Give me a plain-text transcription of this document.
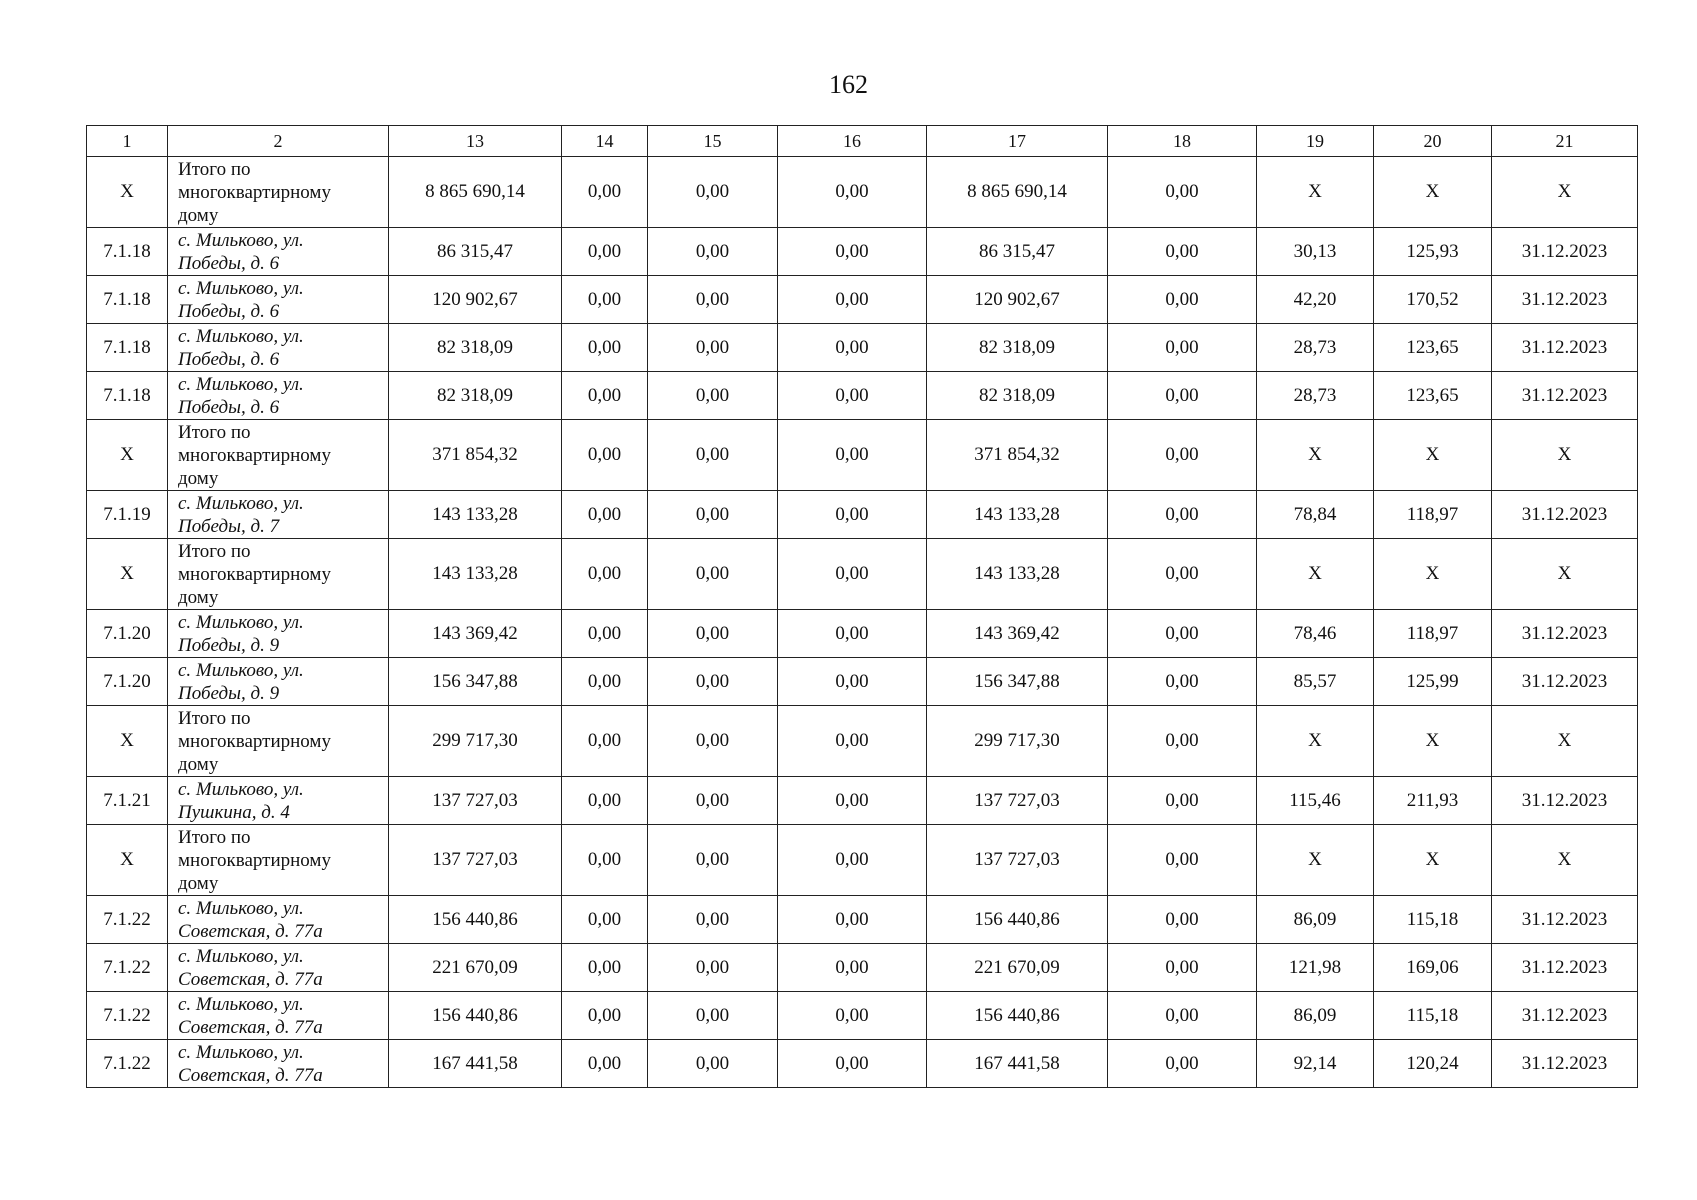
162
1	2	13	14	15	16	17	18	19	20	21
X	Итого по
многоквартирному
дому	8 865 690,14	0,00	0,00	0,00	8 865 690,14	0,00	X	X	X
7.1.18	с. Мильково, ул.
Победы, д. 6	86 315,47	0,00	0,00	0,00	86 315,47	0,00	30,13	125,93	31.12.2023
7.1.18	с. Мильково, ул.
Победы, д. 6	120 902,67	0,00	0,00	0,00	120 902,67	0,00	42,20	170,52	31.12.2023
7.1.18	с. Мильково, ул.
Победы, д. 6	82 318,09	0,00	0,00	0,00	82 318,09	0,00	28,73	123,65	31.12.2023
7.1.18	с. Мильково, ул.
Победы, д. 6	82 318,09	0,00	0,00	0,00	82 318,09	0,00	28,73	123,65	31.12.2023
X	Итого по
многоквартирному
дому	371 854,32	0,00	0,00	0,00	371 854,32	0,00	X	X	X
7.1.19	с. Мильково, ул.
Победы, д. 7	143 133,28	0,00	0,00	0,00	143 133,28	0,00	78,84	118,97	31.12.2023
X	Итого по
многоквартирному
дому	143 133,28	0,00	0,00	0,00	143 133,28	0,00	X	X	X
7.1.20	с. Мильково, ул.
Победы, д. 9	143 369,42	0,00	0,00	0,00	143 369,42	0,00	78,46	118,97	31.12.2023
7.1.20	с. Мильково, ул.
Победы, д. 9	156 347,88	0,00	0,00	0,00	156 347,88	0,00	85,57	125,99	31.12.2023
X	Итого по
многоквартирному
дому	299 717,30	0,00	0,00	0,00	299 717,30	0,00	X	X	X
7.1.21	с. Мильково, ул.
Пушкина, д. 4	137 727,03	0,00	0,00	0,00	137 727,03	0,00	115,46	211,93	31.12.2023
X	Итого по
многоквартирному
дому	137 727,03	0,00	0,00	0,00	137 727,03	0,00	X	X	X
7.1.22	с. Мильково, ул.
Советская, д. 77а	156 440,86	0,00	0,00	0,00	156 440,86	0,00	86,09	115,18	31.12.2023
7.1.22	с. Мильково, ул.
Советская, д. 77а	221 670,09	0,00	0,00	0,00	221 670,09	0,00	121,98	169,06	31.12.2023
7.1.22	с. Мильково, ул.
Советская, д. 77а	156 440,86	0,00	0,00	0,00	156 440,86	0,00	86,09	115,18	31.12.2023
7.1.22	с. Мильково, ул.
Советская, д. 77а	167 441,58	0,00	0,00	0,00	167 441,58	0,00	92,14	120,24	31.12.2023
